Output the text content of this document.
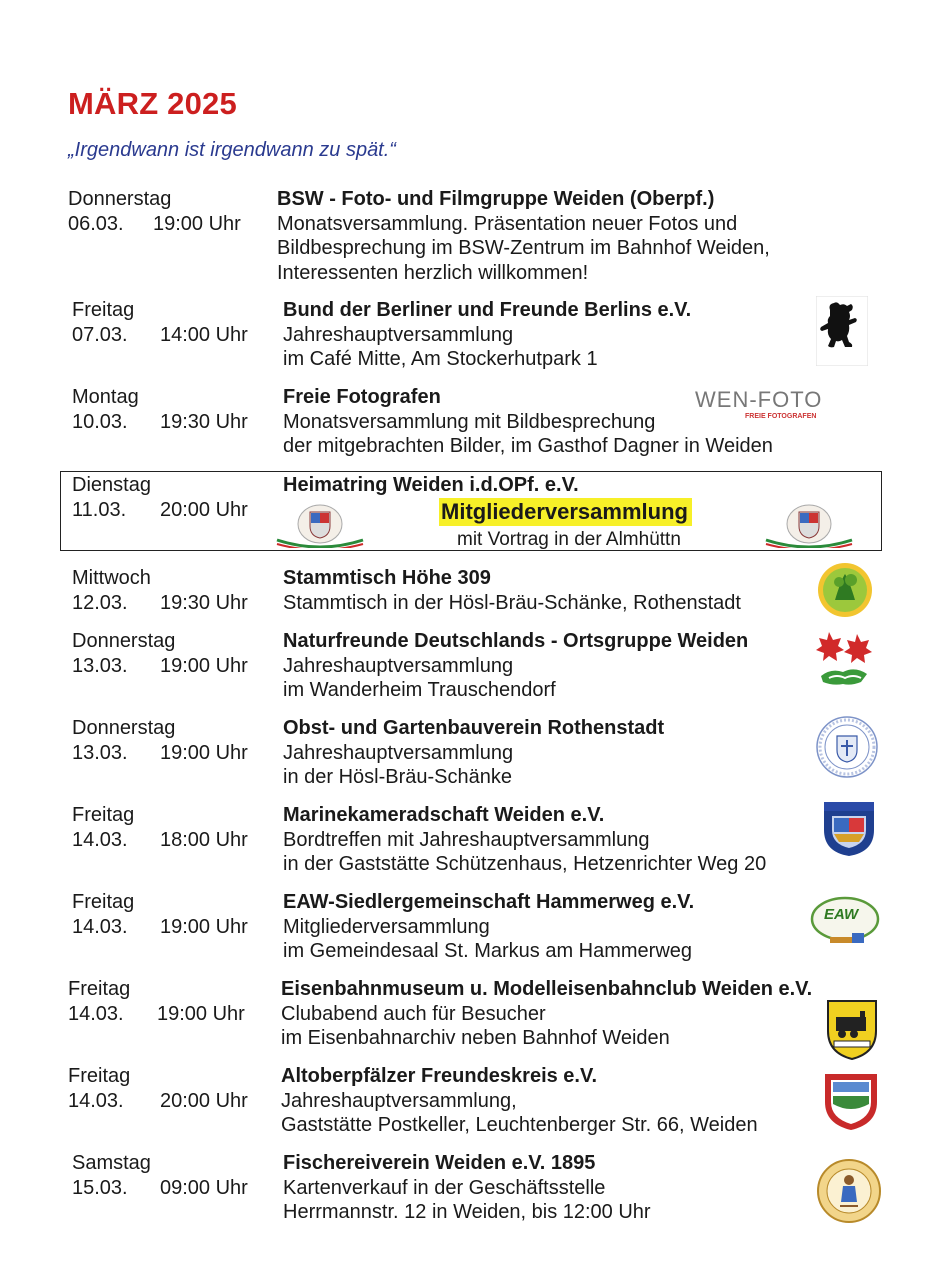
MÄRZ 2025
„Irgendwann ist irgendwann zu spät.“
Donnerstag
06.03. 19:00 Uhr
BSW - Foto- und Filmgruppe Weiden (Oberpf.)
Monatsversammlung. Präsentation neuer Fotos und
Bildbesprechung im BSW-Zentrum im Bahnhof Weiden,
Interessenten herzlich willkommen!
Freitag
07.03. 14:00 Uhr
Bund der Berliner und Freunde Berlins e.V.
Jahreshauptversammlung
im Café Mitte, Am Stockerhutpark 1
Montag
10.03. 19:30 Uhr
Freie Fotografen
Monatsversammlung mit Bildbesprechung
der mitgebrachten Bilder, im Gasthof Dagner in Weiden
WEN-FOTO
FREIE FOTOGRAFEN
Dienstag
11.03. 20:00 Uhr
Heimatring Weiden i.d.OPf. e.V.
Mitgliederversammlung
mit Vortrag in der Almhüttn
Mittwoch
12.03. 19:30 Uhr
Stammtisch Höhe 309
Stammtisch in der Hösl-Bräu-Schänke, Rothenstadt
Donnerstag
13.03. 19:00 Uhr
Naturfreunde Deutschlands - Ortsgruppe Weiden
Jahreshauptversammlung
im Wanderheim Trauschendorf
Donnerstag
13.03. 19:00 Uhr
Obst- und Gartenbauverein Rothenstadt
Jahreshauptversammlung
in der Hösl-Bräu-Schänke
Freitag
14.03. 18:00 Uhr
Marinekameradschaft Weiden e.V.
Bordtreffen mit Jahreshauptversammlung
in der Gaststätte Schützenhaus, Hetzenrichter Weg 20
Freitag
14.03. 19:00 Uhr
EAW-Siedlergemeinschaft Hammerweg e.V.
Mitgliederversammlung
im Gemeindesaal St. Markus am Hammerweg
EAW
Freitag
14.03. 19:00 Uhr
Eisenbahnmuseum u. Modelleisenbahnclub Weiden e.V.
Clubabend auch für Besucher
im Eisenbahnarchiv neben Bahnhof Weiden
Freitag
14.03. 20:00 Uhr
Altoberpfälzer Freundeskreis e.V.
Jahreshauptversammlung,
Gaststätte Postkeller, Leuchtenberger Str. 66, Weiden
Samstag
15.03. 09:00 Uhr
Fischereiverein Weiden e.V. 1895
Kartenverkauf in der Geschäftsstelle
Herrmannstr. 12 in Weiden, bis 12:00 Uhr
